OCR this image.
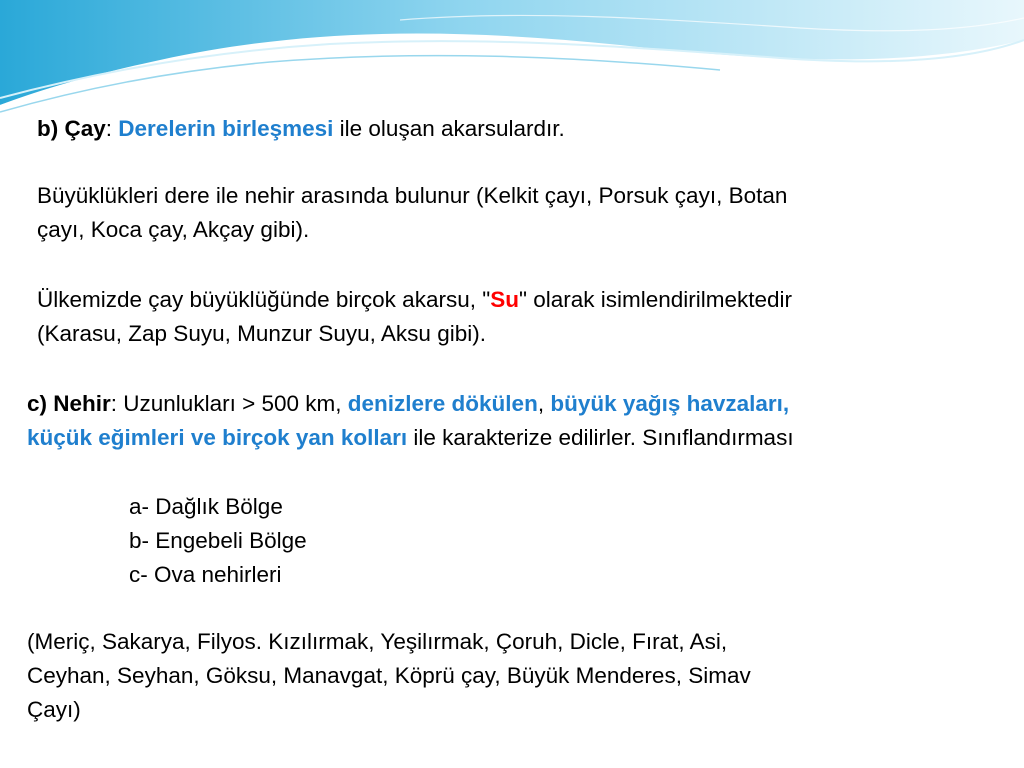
b) Çay: Derelerin birleşmesi ile oluşan akarsulardır.
Büyüklükleri dere ile nehir arasında bulunur (Kelkit çayı, Porsuk çayı, Botan
çayı, Koca çay, Akçay gibi).
Ülkemizde çay büyüklüğünde birçok akarsu, "Su" olarak isimlendirilmektedir
(Karasu, Zap Suyu, Munzur Suyu, Aksu gibi).
c) Nehir: Uzunlukları > 500 km, denizlere dökülen, büyük yağış havzaları,
küçük eğimleri ve birçok yan kolları ile karakterize edilirler. Sınıflandırması
a- Dağlık Bölge
b- Engebeli Bölge
c- Ova nehirleri
(Meriç, Sakarya, Filyos. Kızılırmak, Yeşilırmak, Çoruh, Dicle, Fırat, Asi,
Ceyhan, Seyhan, Göksu, Manavgat, Köprü çay, Büyük Menderes, Simav
Çayı)
